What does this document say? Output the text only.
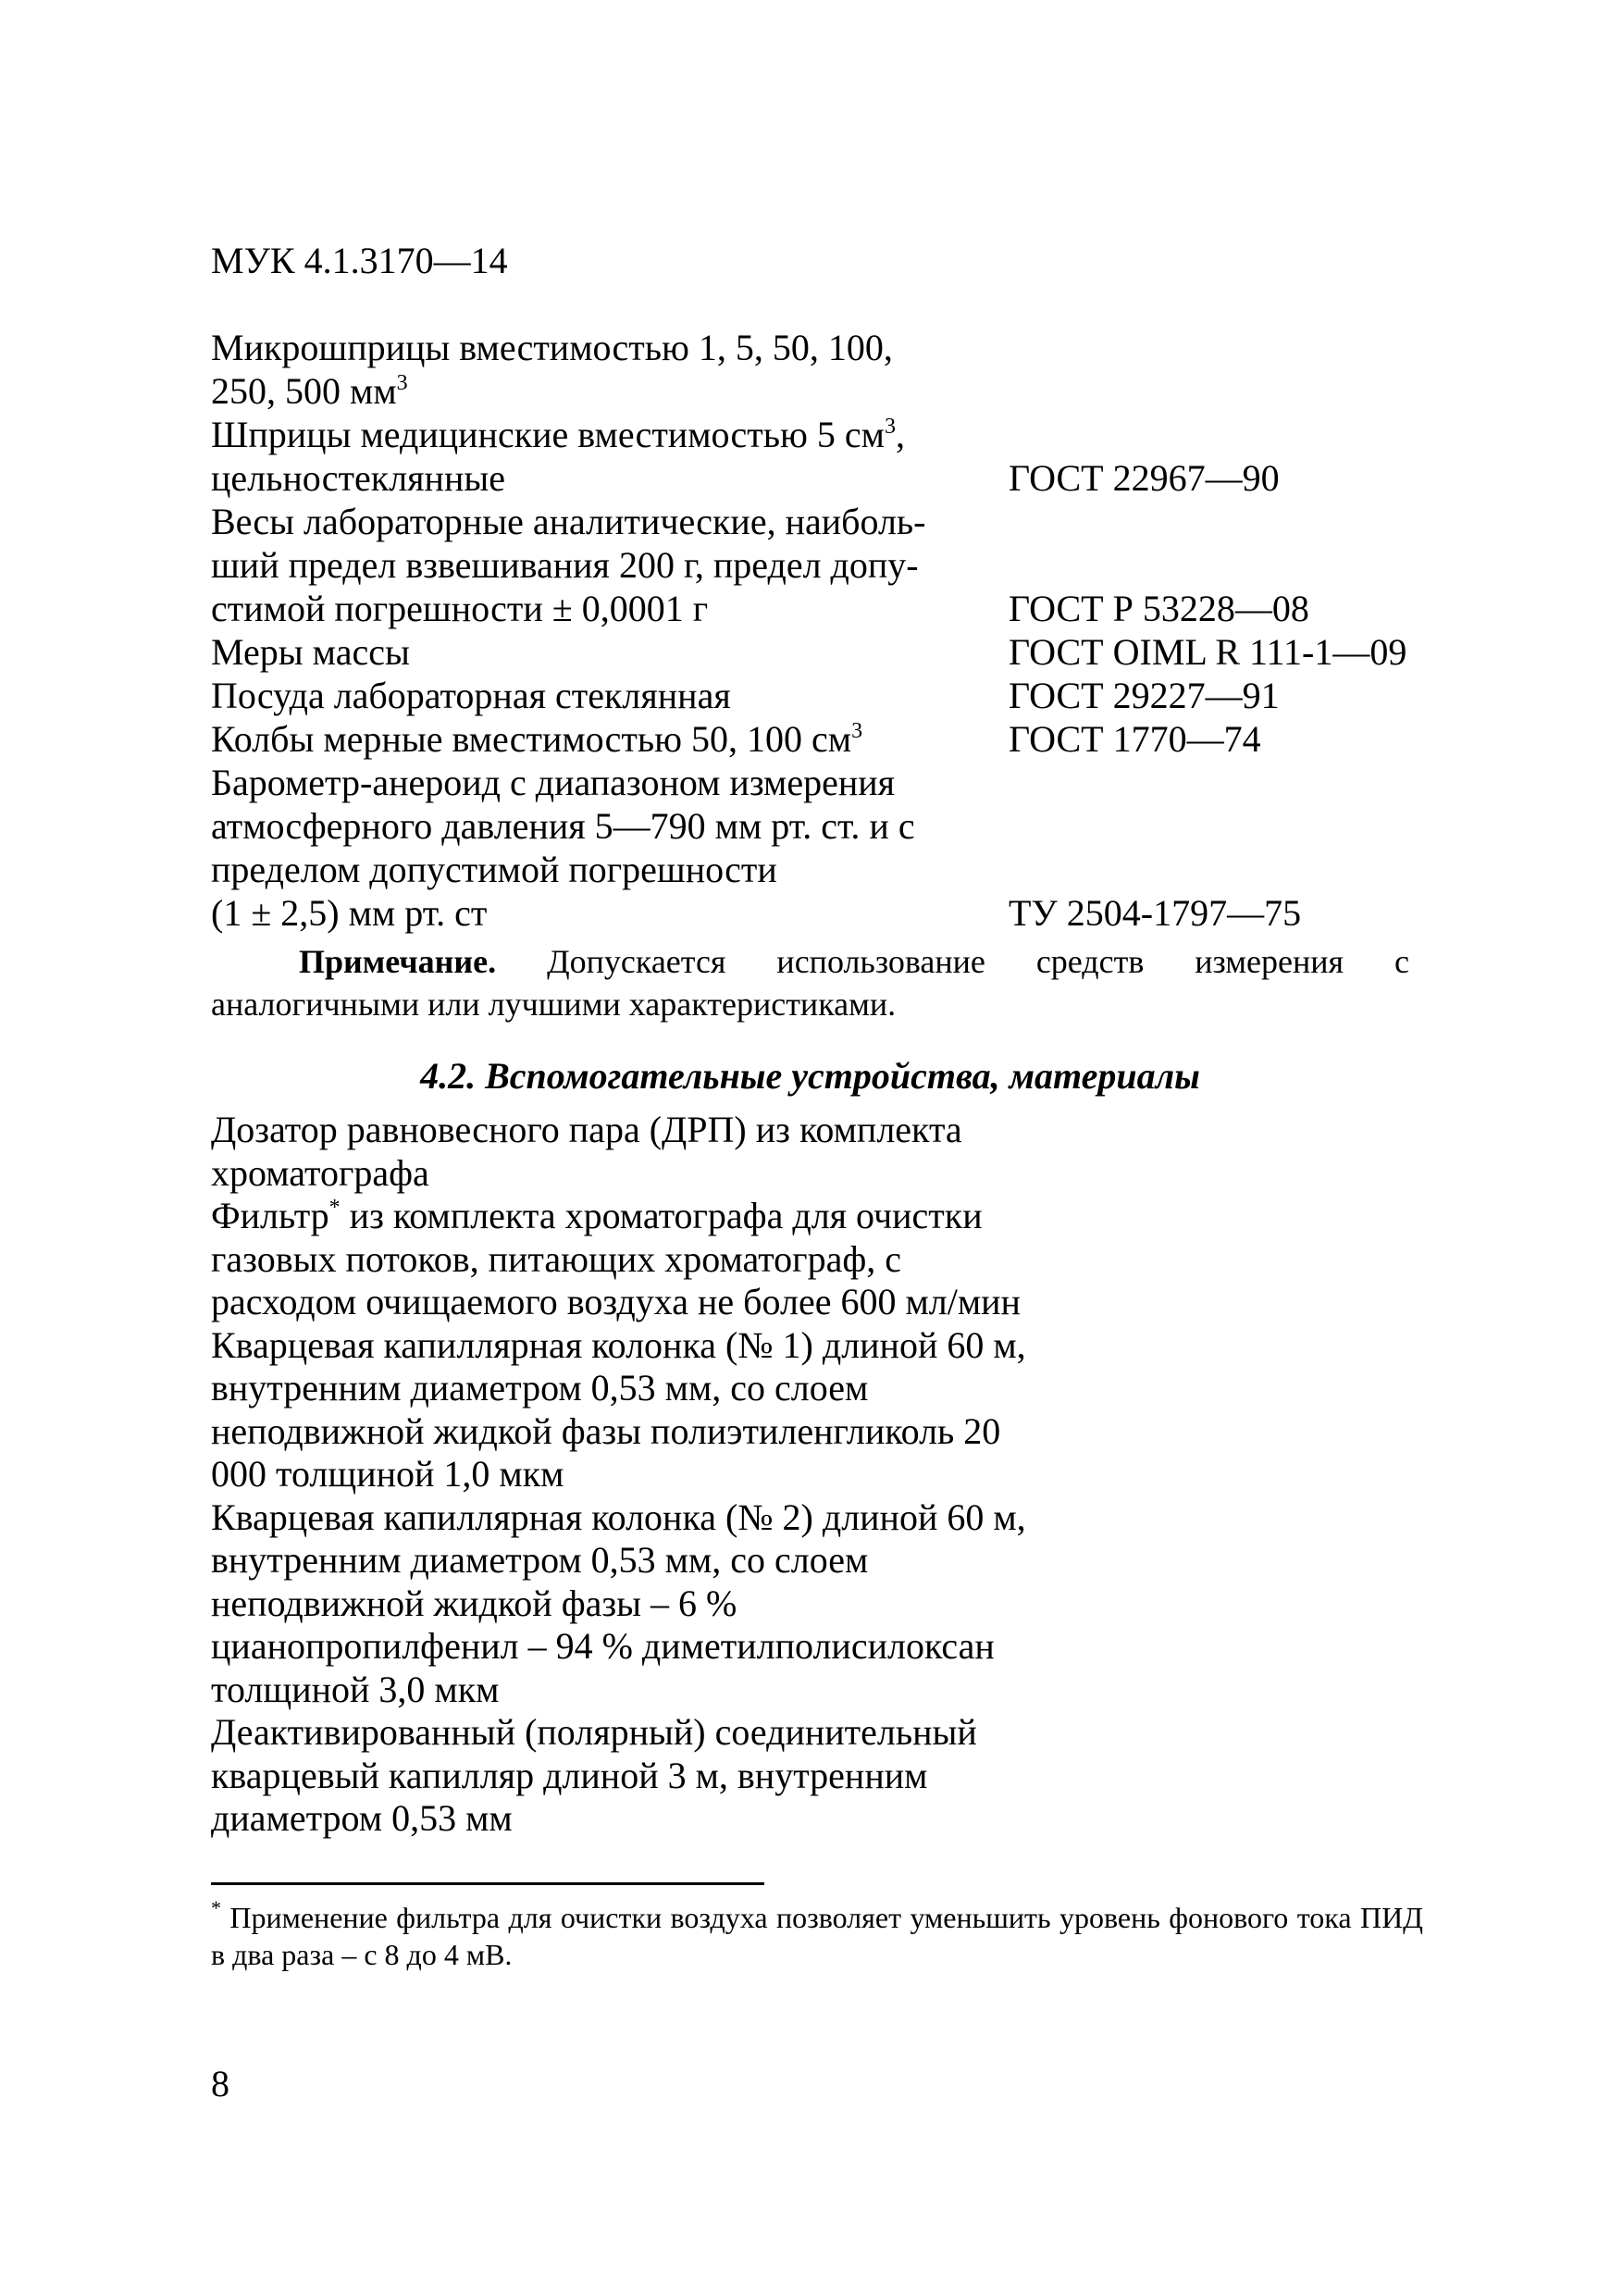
МУК 4.1.3170—14
Микрошприцы вместимостью 1, 5, 50, 100,
250, 500 $мм^3$
Шприцы медицинские вместимостью 5 $см^3$, цельностеклянные	ГОСТ 22967—90
Весы лабораторные аналитические, наиболь-
ший предел взвешивания 200 г, предел допу-
стимой погрешности ± 0,0001 г	ГОСТ Р 53228—08
Меры массы	ГОСТ OIML R 111-1—09
Посуда лабораторная стеклянная	ГОСТ 29227—91
Колбы мерные вместимостью 50, 100 $см^3$	ГОСТ 1770—74
Барометр-анероид с диапазоном измерения
атмосферного давления 5—790 мм рт. ст. и с
пределом допустимой погрешности
(1 ± 2,5) мм рт. ст	ТУ 2504-1797—75
Примечание. Допускается использование средств измерения с аналогичными или лучшими характеристиками.
4.2. Вспомогательные устройства, материалы
Дозатор равновесного пара (ДРП) из комплекта хроматографа
Фильтр* из комплекта хроматографа для очистки газовых потоков, питающих хроматограф, с расходом очищаемого воздуха не более 600 мл/мин
Кварцевая капиллярная колонка (№ 1) длиной 60 м, внутренним диаметром 0,53 мм, со слоем неподвижной жидкой фазы полиэтиленгликоль 20 000 толщиной 1,0 мкм
Кварцевая капиллярная колонка (№ 2) длиной 60 м, внутренним диаметром 0,53 мм, со слоем неподвижной жидкой фазы – 6 % цианопропилфенил – 94 % диметилполисилоксан толщиной 3,0 мкм
Деактивированный (полярный) соединительный кварцевый капилляр длиной 3 м, внутренним диаметром 0,53 мм
* Применение фильтра для очистки воздуха позволяет уменьшить уровень фонового тока ПИД в два раза – с 8 до 4 мВ.
8
